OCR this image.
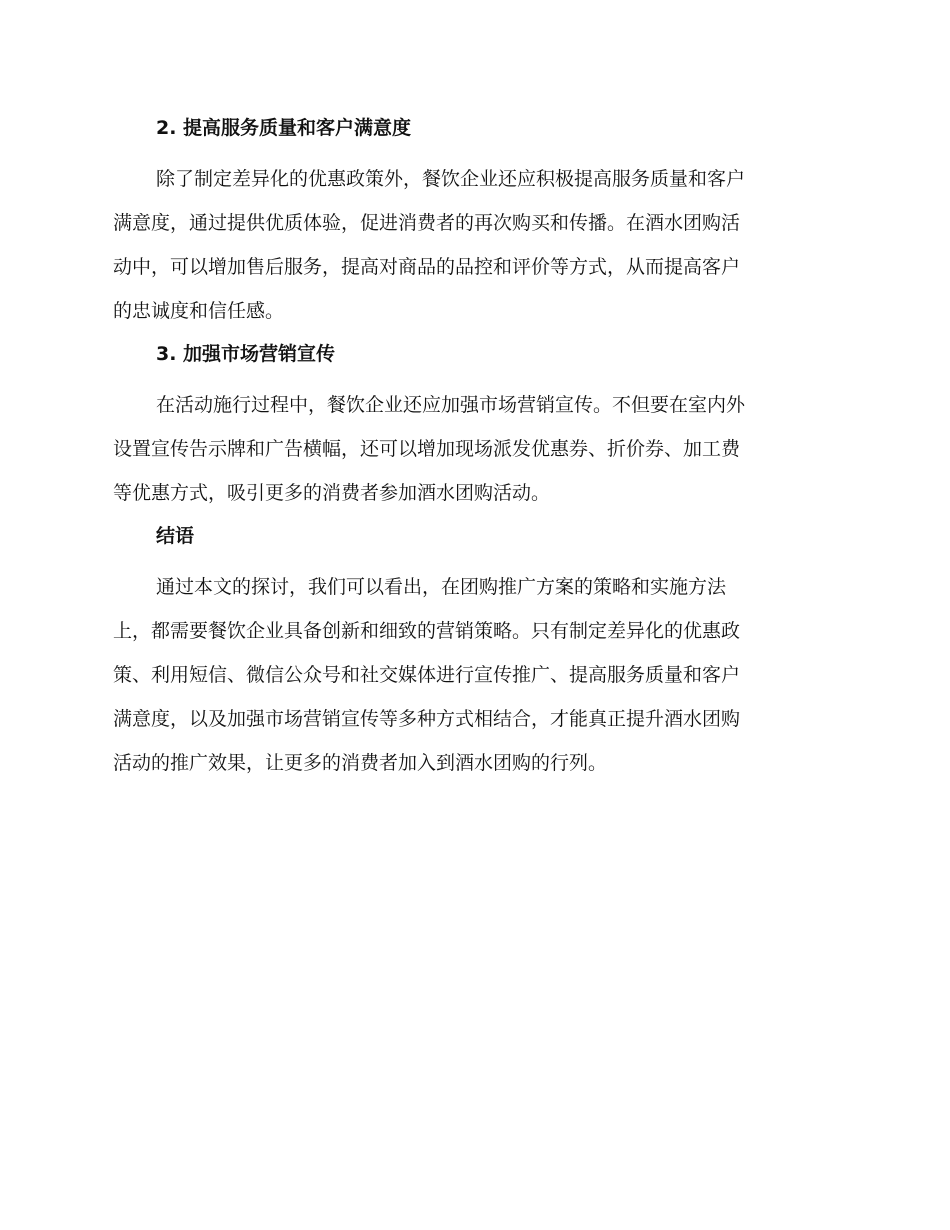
2. 提高服务质量和客户满意度
除了制定差异化的优惠政策外，餐饮企业还应积极提高服务质量和客户
满意度，通过提供优质体验，促进消费者的再次购买和传播。在酒水团购活
动中，可以增加售后服务，提高对商品的品控和评价等方式，从而提高客户
的忠诚度和信任感。
3. 加强市场营销宣传
在活动施行过程中，餐饮企业还应加强市场营销宣传。不但要在室内外
设置宣传告示牌和广告横幅，还可以增加现场派发优惠券、折价券、加工费
等优惠方式，吸引更多的消费者参加酒水团购活动。
结语
通过本文的探讨，我们可以看出，在团购推广方案的策略和实施方法
上，都需要餐饮企业具备创新和细致的营销策略。只有制定差异化的优惠政
策、利用短信、微信公众号和社交媒体进行宣传推广、提高服务质量和客户
满意度，以及加强市场营销宣传等多种方式相结合，才能真正提升酒水团购
活动的推广效果，让更多的消费者加入到酒水团购的行列。
